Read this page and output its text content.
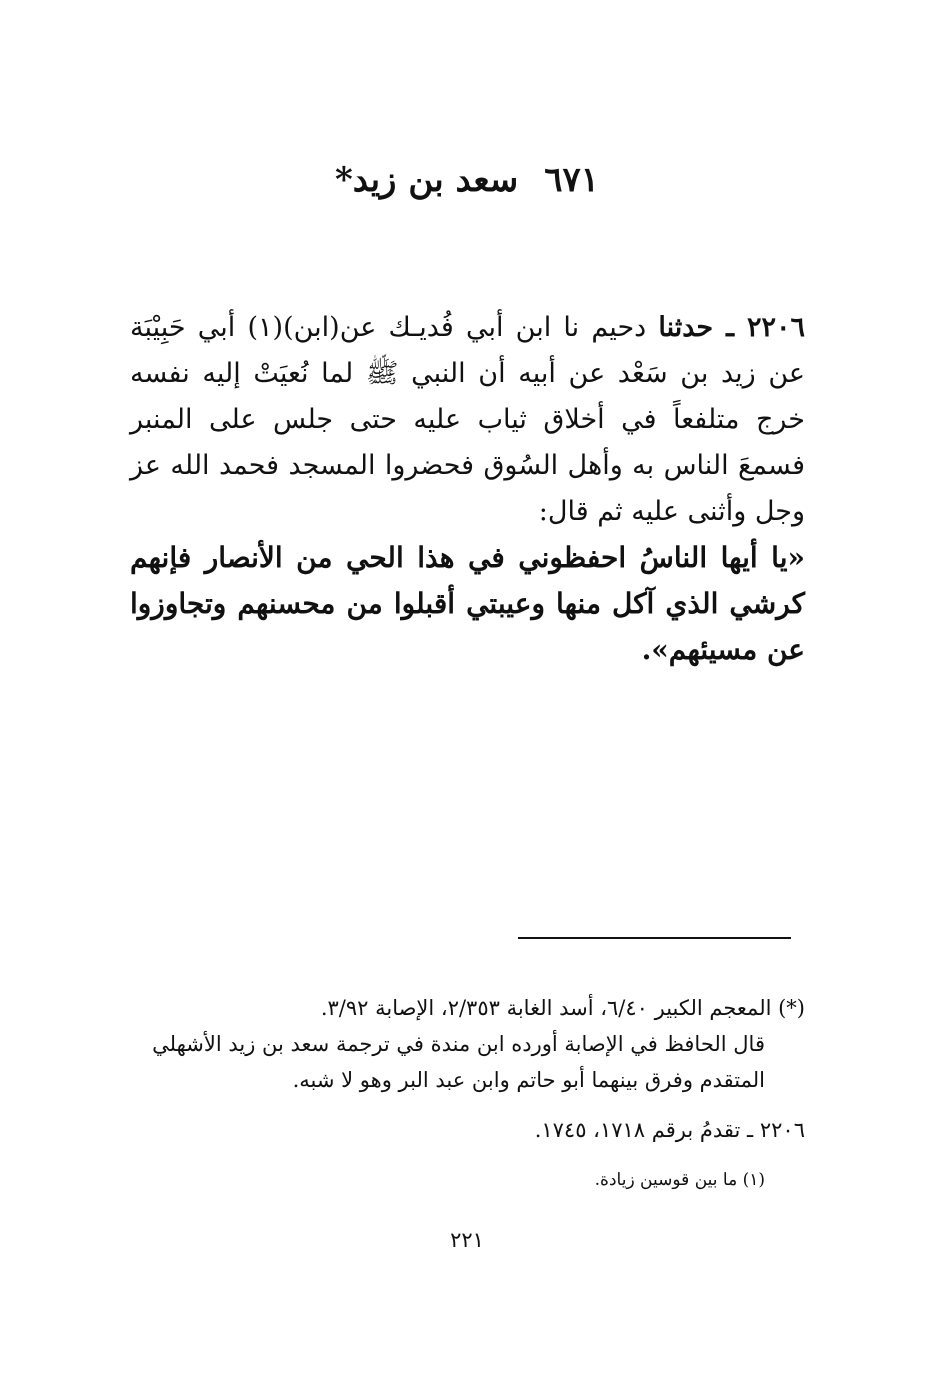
٦٧١سعد بن زيد*

٢٢٠٦ ـ حدثنا دحيم نا ابن أبي فُديـك عن(ابن)(١) أبي حَبِيْبَة عن زيد بن سَعْد عن أبيه أن النبي ﷺ لما نُعيَتْ إليه نفسه خرج متلفعاً في أخلاق ثياب عليه حتى جلس على المنبر فسمعَ الناس به وأهل السُوق فحضروا المسجد فحمد الله عز وجل وأثنى عليه ثم قال:

«يا أيها الناسُ احفظوني في هذا الحي من الأنصار فإنهم كرشي الذي آكل منها وعيبتي أقبلوا من محسنهم وتجاوزوا عن مسيئهم».

(*) المعجم الكبير ٦/٤٠، أسد الغابة ٢/٣٥٣، الإصابة ٣/٩٢.

قال الحافظ في الإصابة أورده ابن مندة في ترجمة سعد بن زيد الأشهلي المتقدم وفرق بينهما أبو حاتم وابن عبد البر وهو لا شبه.

٢٢٠٦ ـ تقدمُ برقم ١٧١٨، ١٧٤٥.

(١) ما بين قوسين زيادة.

٢٢١
